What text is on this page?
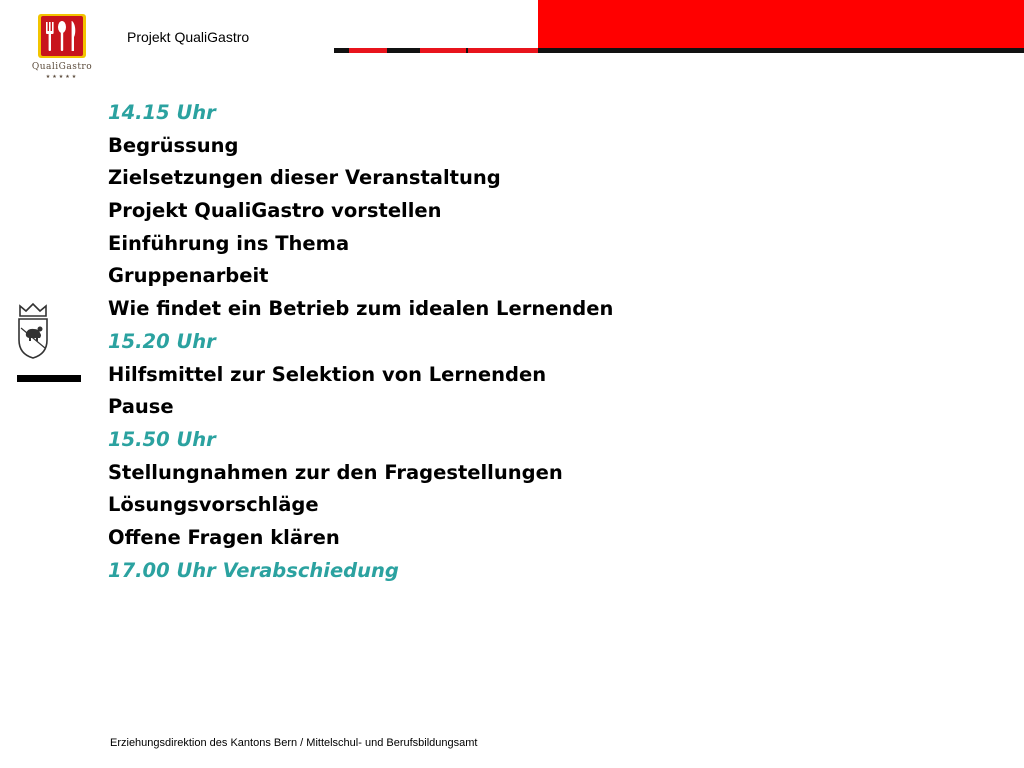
QualiGastro
★★★★★
Projekt QualiGastro
14.15 Uhr
Begrüssung
Zielsetzungen dieser Veranstaltung
Projekt QualiGastro vorstellen
Einführung ins Thema
Gruppenarbeit
Wie findet ein Betrieb zum idealen Lernenden
15.20 Uhr
Hilfsmittel zur Selektion von Lernenden
Pause
15.50 Uhr
Stellungnahmen zur den Fragestellungen
Lösungsvorschläge
Offene Fragen klären
17.00 Uhr Verabschiedung
Erziehungsdirektion des Kantons Bern / Mittelschul- und Berufsbildungsamt
